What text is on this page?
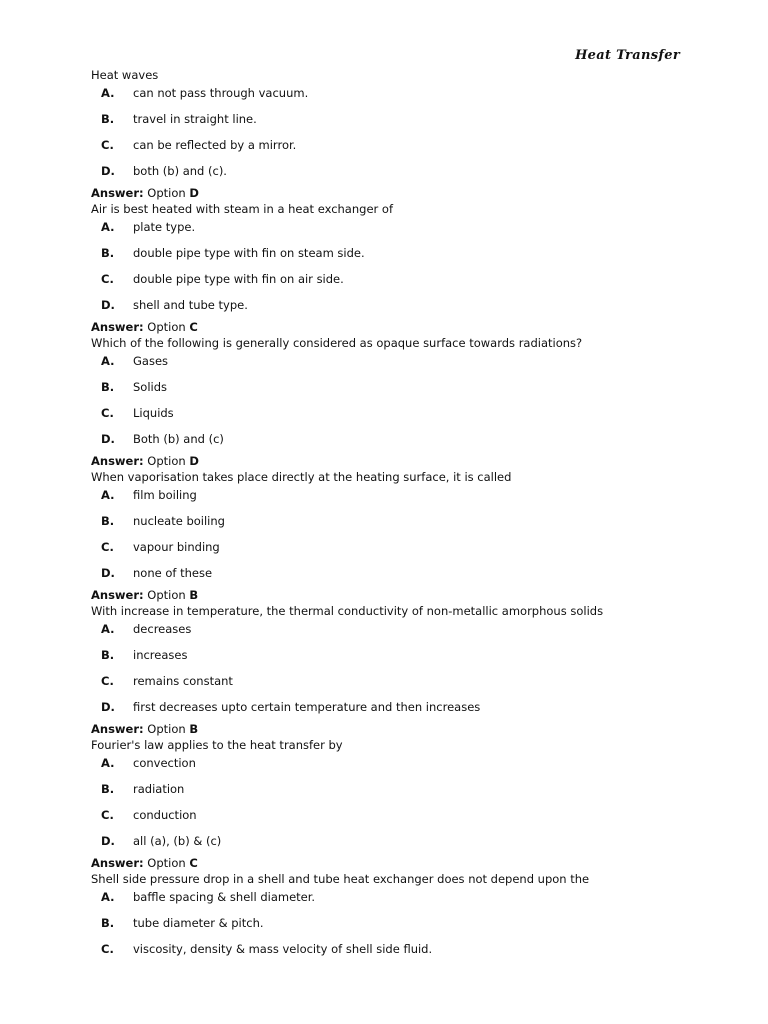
Heat Transfer

Heat waves

A.	can not pass through vacuum.
B.	travel in straight line.
C.	can be reflected by a mirror.
D.	both (b) and (c).
Answer: Option D

Air is best heated with steam in a heat exchanger of

A.	plate type.
B.	double pipe type with fin on steam side.
C.	double pipe type with fin on air side.
D.	shell and tube type.
Answer: Option C

Which of the following is generally considered as opaque surface towards radiations?

A.	Gases
B.	Solids
C.	Liquids
D.	Both (b) and (c)
Answer: Option D

When vaporisation takes place directly at the heating surface, it is called

A.	film boiling
B.	nucleate boiling
C.	vapour binding
D.	none of these
Answer: Option B

With increase in temperature, the thermal conductivity of non-metallic amorphous solids

A.	decreases
B.	increases
C.	remains constant
D.	first decreases upto certain temperature and then increases
Answer: Option B

Fourier's law applies to the heat transfer by

A.	convection
B.	radiation
C.	conduction
D.	all (a), (b) & (c)
Answer: Option C

Shell side pressure drop in a shell and tube heat exchanger does not depend upon the

A.	baffle spacing & shell diameter.
B.	tube diameter & pitch.
C.	viscosity, density & mass velocity of shell side fluid.
